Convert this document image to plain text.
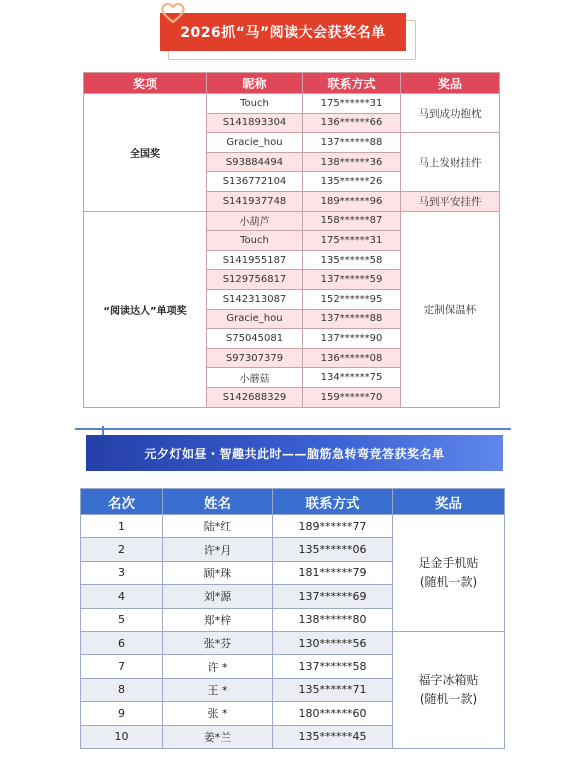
2026抓“马”阅读大会获奖名单
奖项	昵称	联系方式	奖品
全国奖	Touch	175******31	马到成功抱枕
	S141893304	136******66	
	Gracie_hou	137******88	马上发财挂件
	S93884494	138******36	
	S136772104	135******26	
	S141937748	189******96	马到平安挂件
“阅读达人”单项奖	小葫芦	158******87	定制保温杯
	Touch	175******31	
	S141955187	135******58	
	S129756817	137******59	
	S142313087	152******95	
	Gracie_hou	137******88	
	S75045081	137******90	
	S97307379	136******08	
	小蘑菇	134******75	
	S142688329	159******70	
元夕灯如昼・智趣共此时——脑筋急转弯竞答获奖名单
名次	姓名	联系方式	奖品
1	陆*红	189******77	足金手机贴
(随机一款)

2	许*月	135******06	
3	顾*珠	181******79	
4	刘*源	137******69	
5	郑*梓	138******80	
6	张*芬	130******56	福字冰箱贴
(随机一款)

7	许 *	137******58	
8	王 *	135******71	
9	张 *	180******60	
10	姜*兰	135******45	
